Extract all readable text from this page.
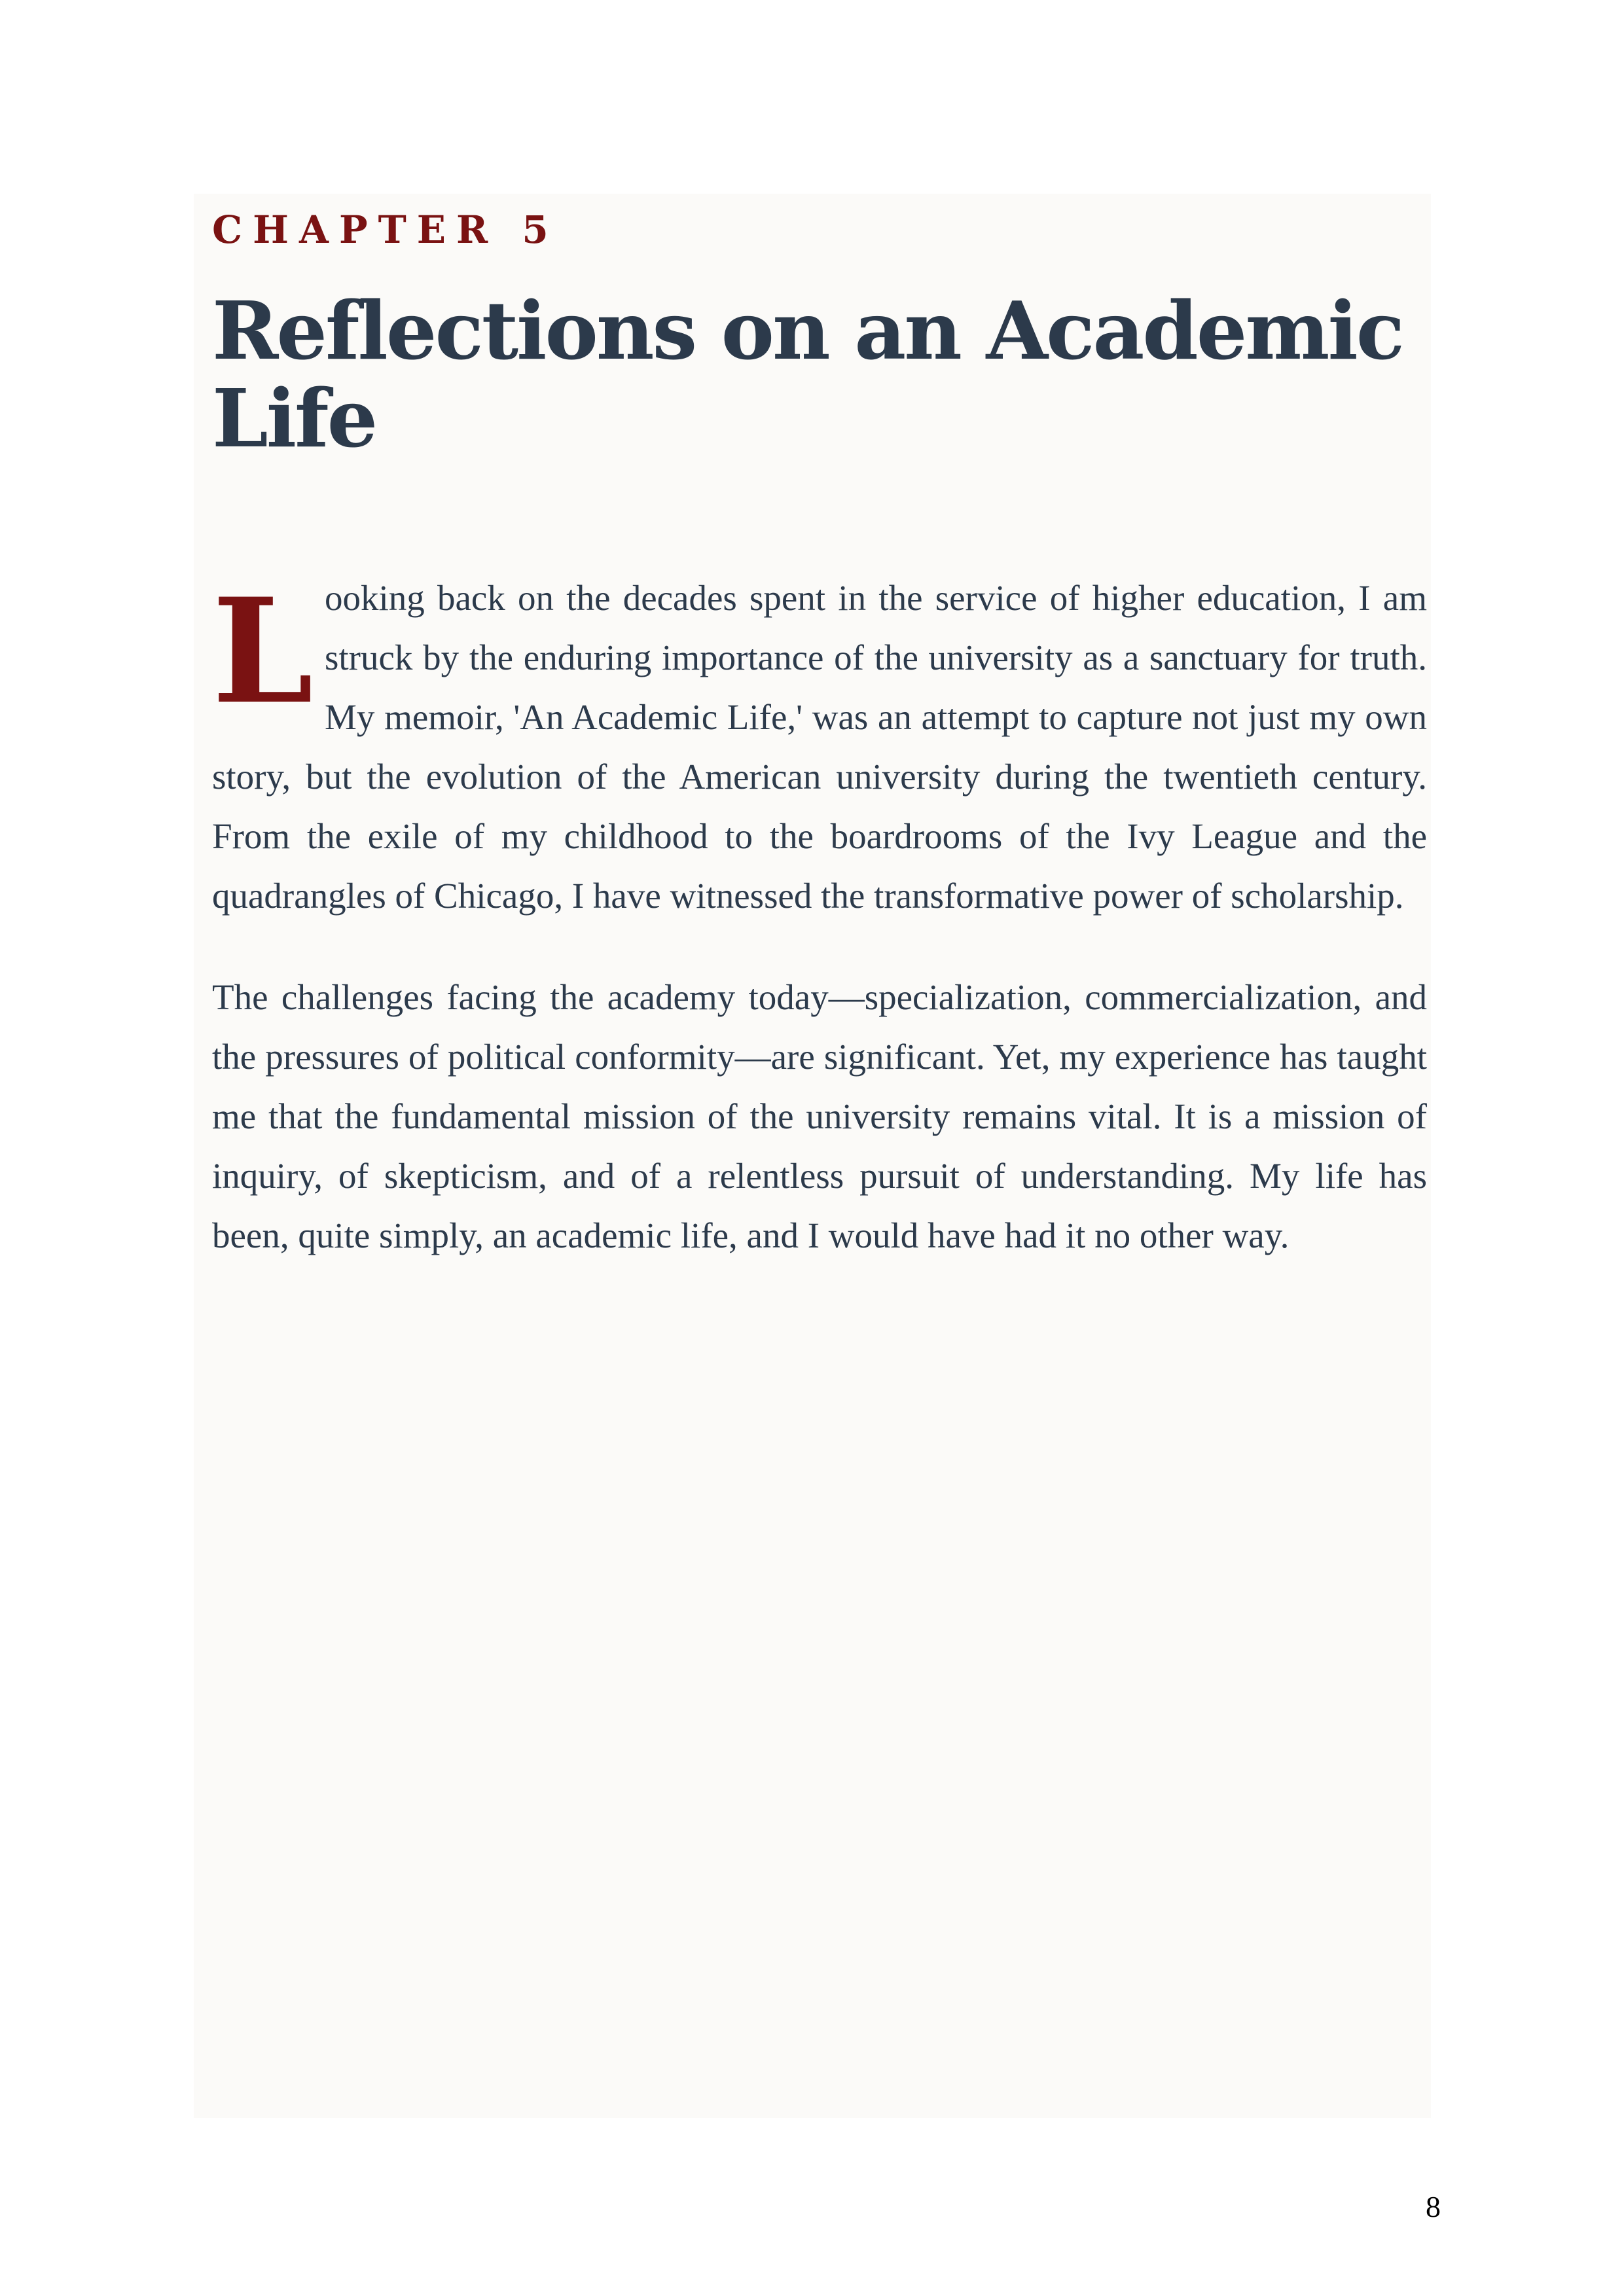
CHAPTER 5
Reflections on an Academic Life

Looking back on the decades spent in the service of higher education, I am struck by the enduring importance of the university as a sanctuary for truth. My memoir, 'An Academic Life,' was an attempt to capture not just my own story, but the evolution of the American university during the twentieth century. From the exile of my childhood to the boardrooms of the Ivy League and the quadrangles of Chicago, I have witnessed the transformative power of scholarship.

The challenges facing the academy today—specialization, commercialization, and the pressures of political conformity—are significant. Yet, my experience has taught me that the fundamental mission of the university remains vital. It is a mission of inquiry, of skepticism, and of a relentless pursuit of understanding. My life has been, quite simply, an academic life, and I would have had it no other way.

8
